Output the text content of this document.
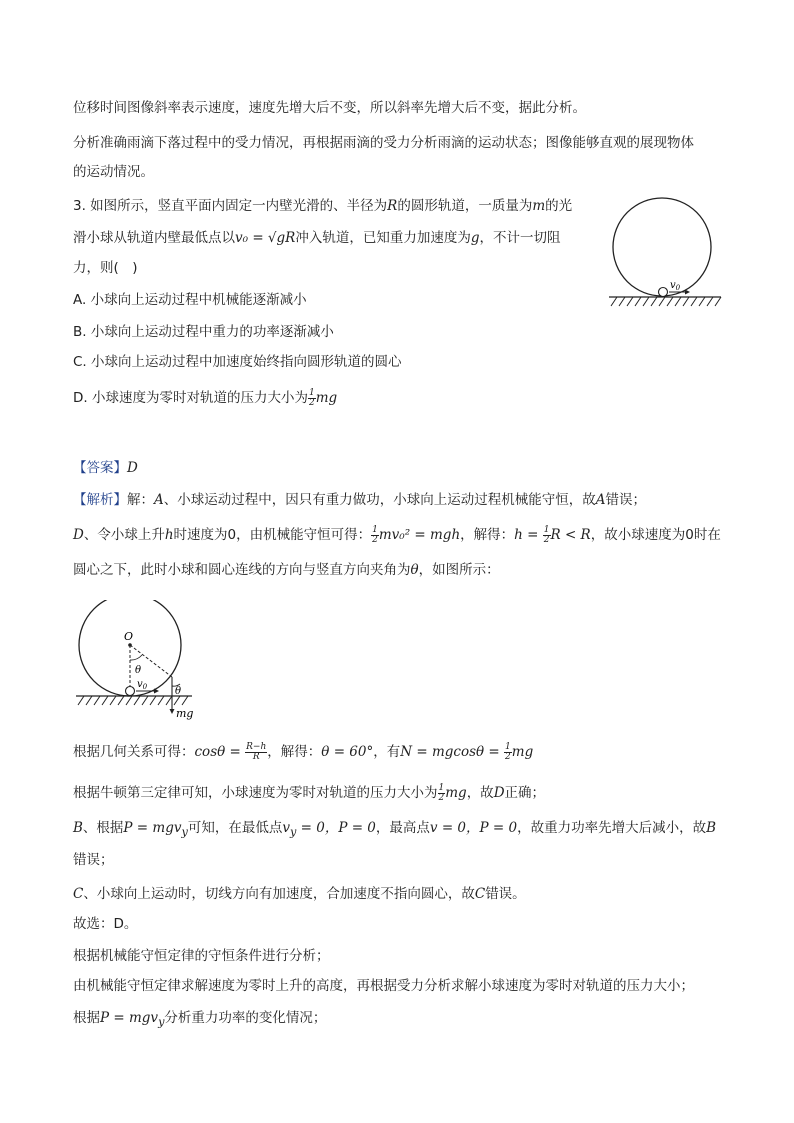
位移时间图像斜率表示速度，速度先增大后不变，所以斜率先增大后不变，据此分析。
分析准确雨滴下落过程中的受力情况，再根据雨滴的受力分析雨滴的运动状态；图像能够直观的展现物体
的运动情况。
3. 如图所示，竖直平面内固定一内壁光滑的、半径为R的圆形轨道，一质量为m的光
滑小球从轨道内壁最低点以v₀ = √gR冲入轨道，已知重力加速度为g，不计一切阻
力，则(　)
A. 小球向上运动过程中机械能逐渐减小
B. 小球向上运动过程中重力的功率逐渐减小
C. 小球向上运动过程中加速度始终指向圆形轨道的圆心
D. 小球速度为零时对轨道的压力大小为 $\frac{1}{2}$ mg
$v_0$
【答案】D
【解析】解：A、小球运动过程中，因只有重力做功，小球向上运动过程机械能守恒，故A错误；
D、令小球上升h时速度为0，由机械能守恒可得： $\frac{1}{2} mv_0^2$ = mgh，解得：$h = \frac{1}{2}$ R < R，故小球速度为0时在
圆心之下，此时小球和圆心连线的方向与竖直方向夹角为θ，如图所示：
O
θ
θ
$v_0$
mg
根据几何关系可得：$\cos\theta = \frac{R-h}{R}$ ，解得：θ = 60°，有$N = mgcos\theta = \frac{1}{2}$ mg
根据牛顿第三定律可知，小球速度为零时对轨道的压力大小为 $\frac{1}{2}$ mg，故D正确；
B、根据P = mgv$_y$可知，在最低点$v_y = 0$，P = 0，最高点v = 0，P = 0，故重力功率先增大后减小，故B
错误；
C、小球向上运动时，切线方向有加速度，合加速度不指向圆心，故C错误。
故选：D。
根据机械能守恒定律的守恒条件进行分析；
由机械能守恒定律求解速度为零时上升的高度，再根据受力分析求解小球速度为零时对轨道的压力大小；
根据P = mgv$_y$分析重力功率的变化情况；
